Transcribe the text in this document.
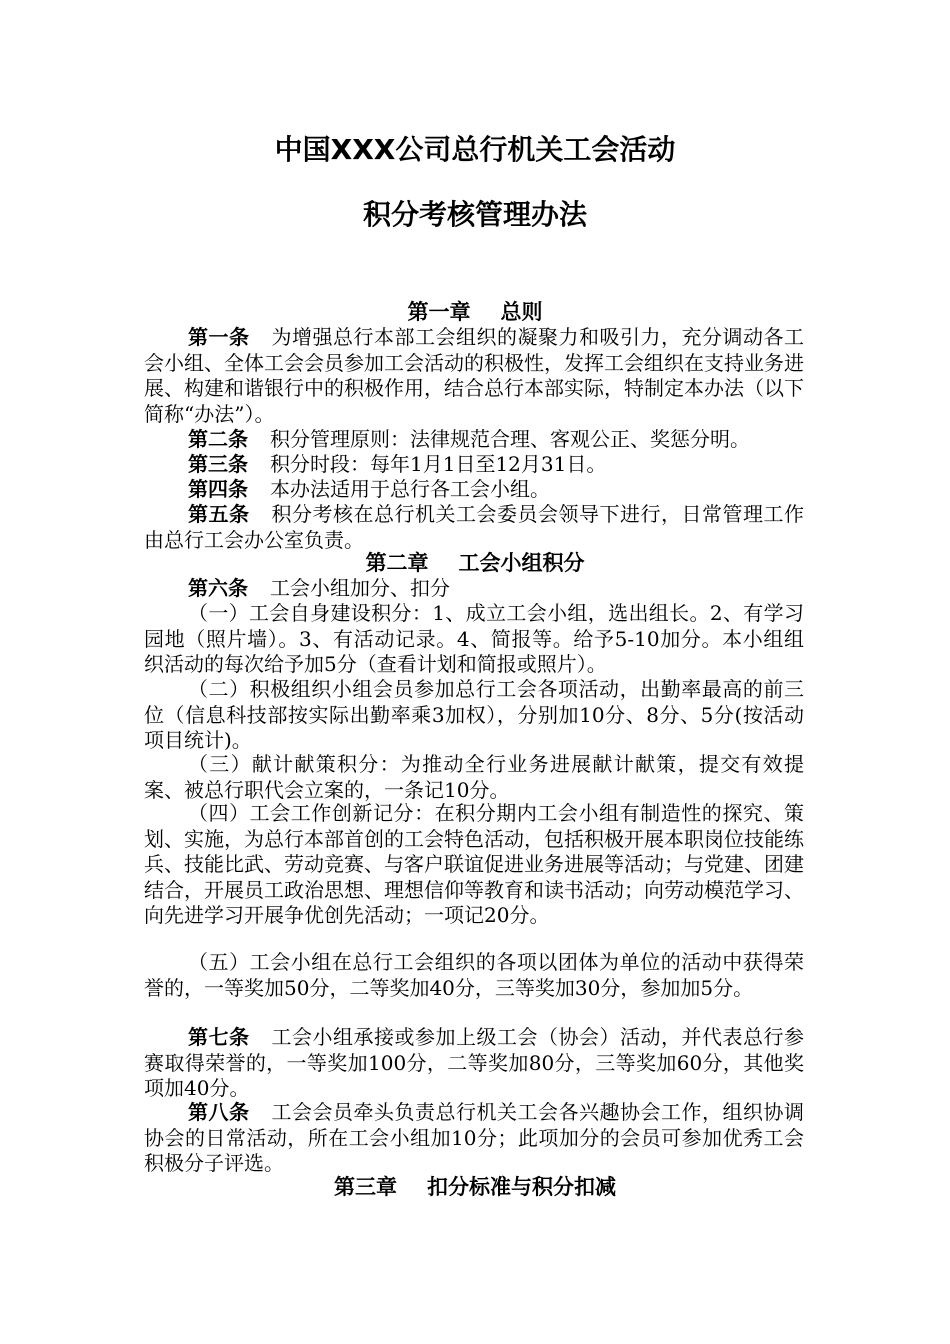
中国XXX公司总行机关工会活动
积分考核管理办法
第一章 总则
第一条 为增强总行本部工会组织的凝聚力和吸引力，充分调动各工会小组、全体工会会员参加工会活动的积极性，发挥工会组织在支持业务进展、构建和谐银行中的积极作用，结合总行本部实际，特制定本办法（以下简称“办法”）。
第二条 积分管理原则：法律规范合理、客观公正、奖惩分明。
第三条 积分时段：每年1月1日至12月31日。
第四条 本办法适用于总行各工会小组。
第五条 积分考核在总行机关工会委员会领导下进行，日常管理工作由总行工会办公室负责。
第二章 工会小组积分
第六条 工会小组加分、扣分
（一）工会自身建设积分：1、成立工会小组，选出组长。2、有学习园地（照片墙）。3、有活动记录。4、简报等。给予5-10加分。本小组组织活动的每次给予加5分（查看计划和简报或照片）。
（二）积极组织小组会员参加总行工会各项活动，出勤率最高的前三位（信息科技部按实际出勤率乘3加权），分别加10分、8分、5分(按活动项目统计)。
（三）献计献策积分：为推动全行业务进展献计献策，提交有效提案、被总行职代会立案的，一条记10分。
（四）工会工作创新记分：在积分期内工会小组有制造性的探究、策划、实施，为总行本部首创的工会特色活动，包括积极开展本职岗位技能练兵、技能比武、劳动竞赛、与客户联谊促进业务进展等活动；与党建、团建结合，开展员工政治思想、理想信仰等教育和读书活动；向劳动模范学习、向先进学习开展争优创先活动；一项记20分。
（五）工会小组在总行工会组织的各项以团体为单位的活动中获得荣誉的，一等奖加50分，二等奖加40分，三等奖加30分，参加加5分。
第七条 工会小组承接或参加上级工会（协会）活动，并代表总行参赛取得荣誉的，一等奖加100分，二等奖加80分，三等奖加60分，其他奖项加40分。
第八条 工会会员牵头负责总行机关工会各兴趣协会工作，组织协调协会的日常活动，所在工会小组加10分；此项加分的会员可参加优秀工会积极分子评选。
第三章 扣分标准与积分扣减
